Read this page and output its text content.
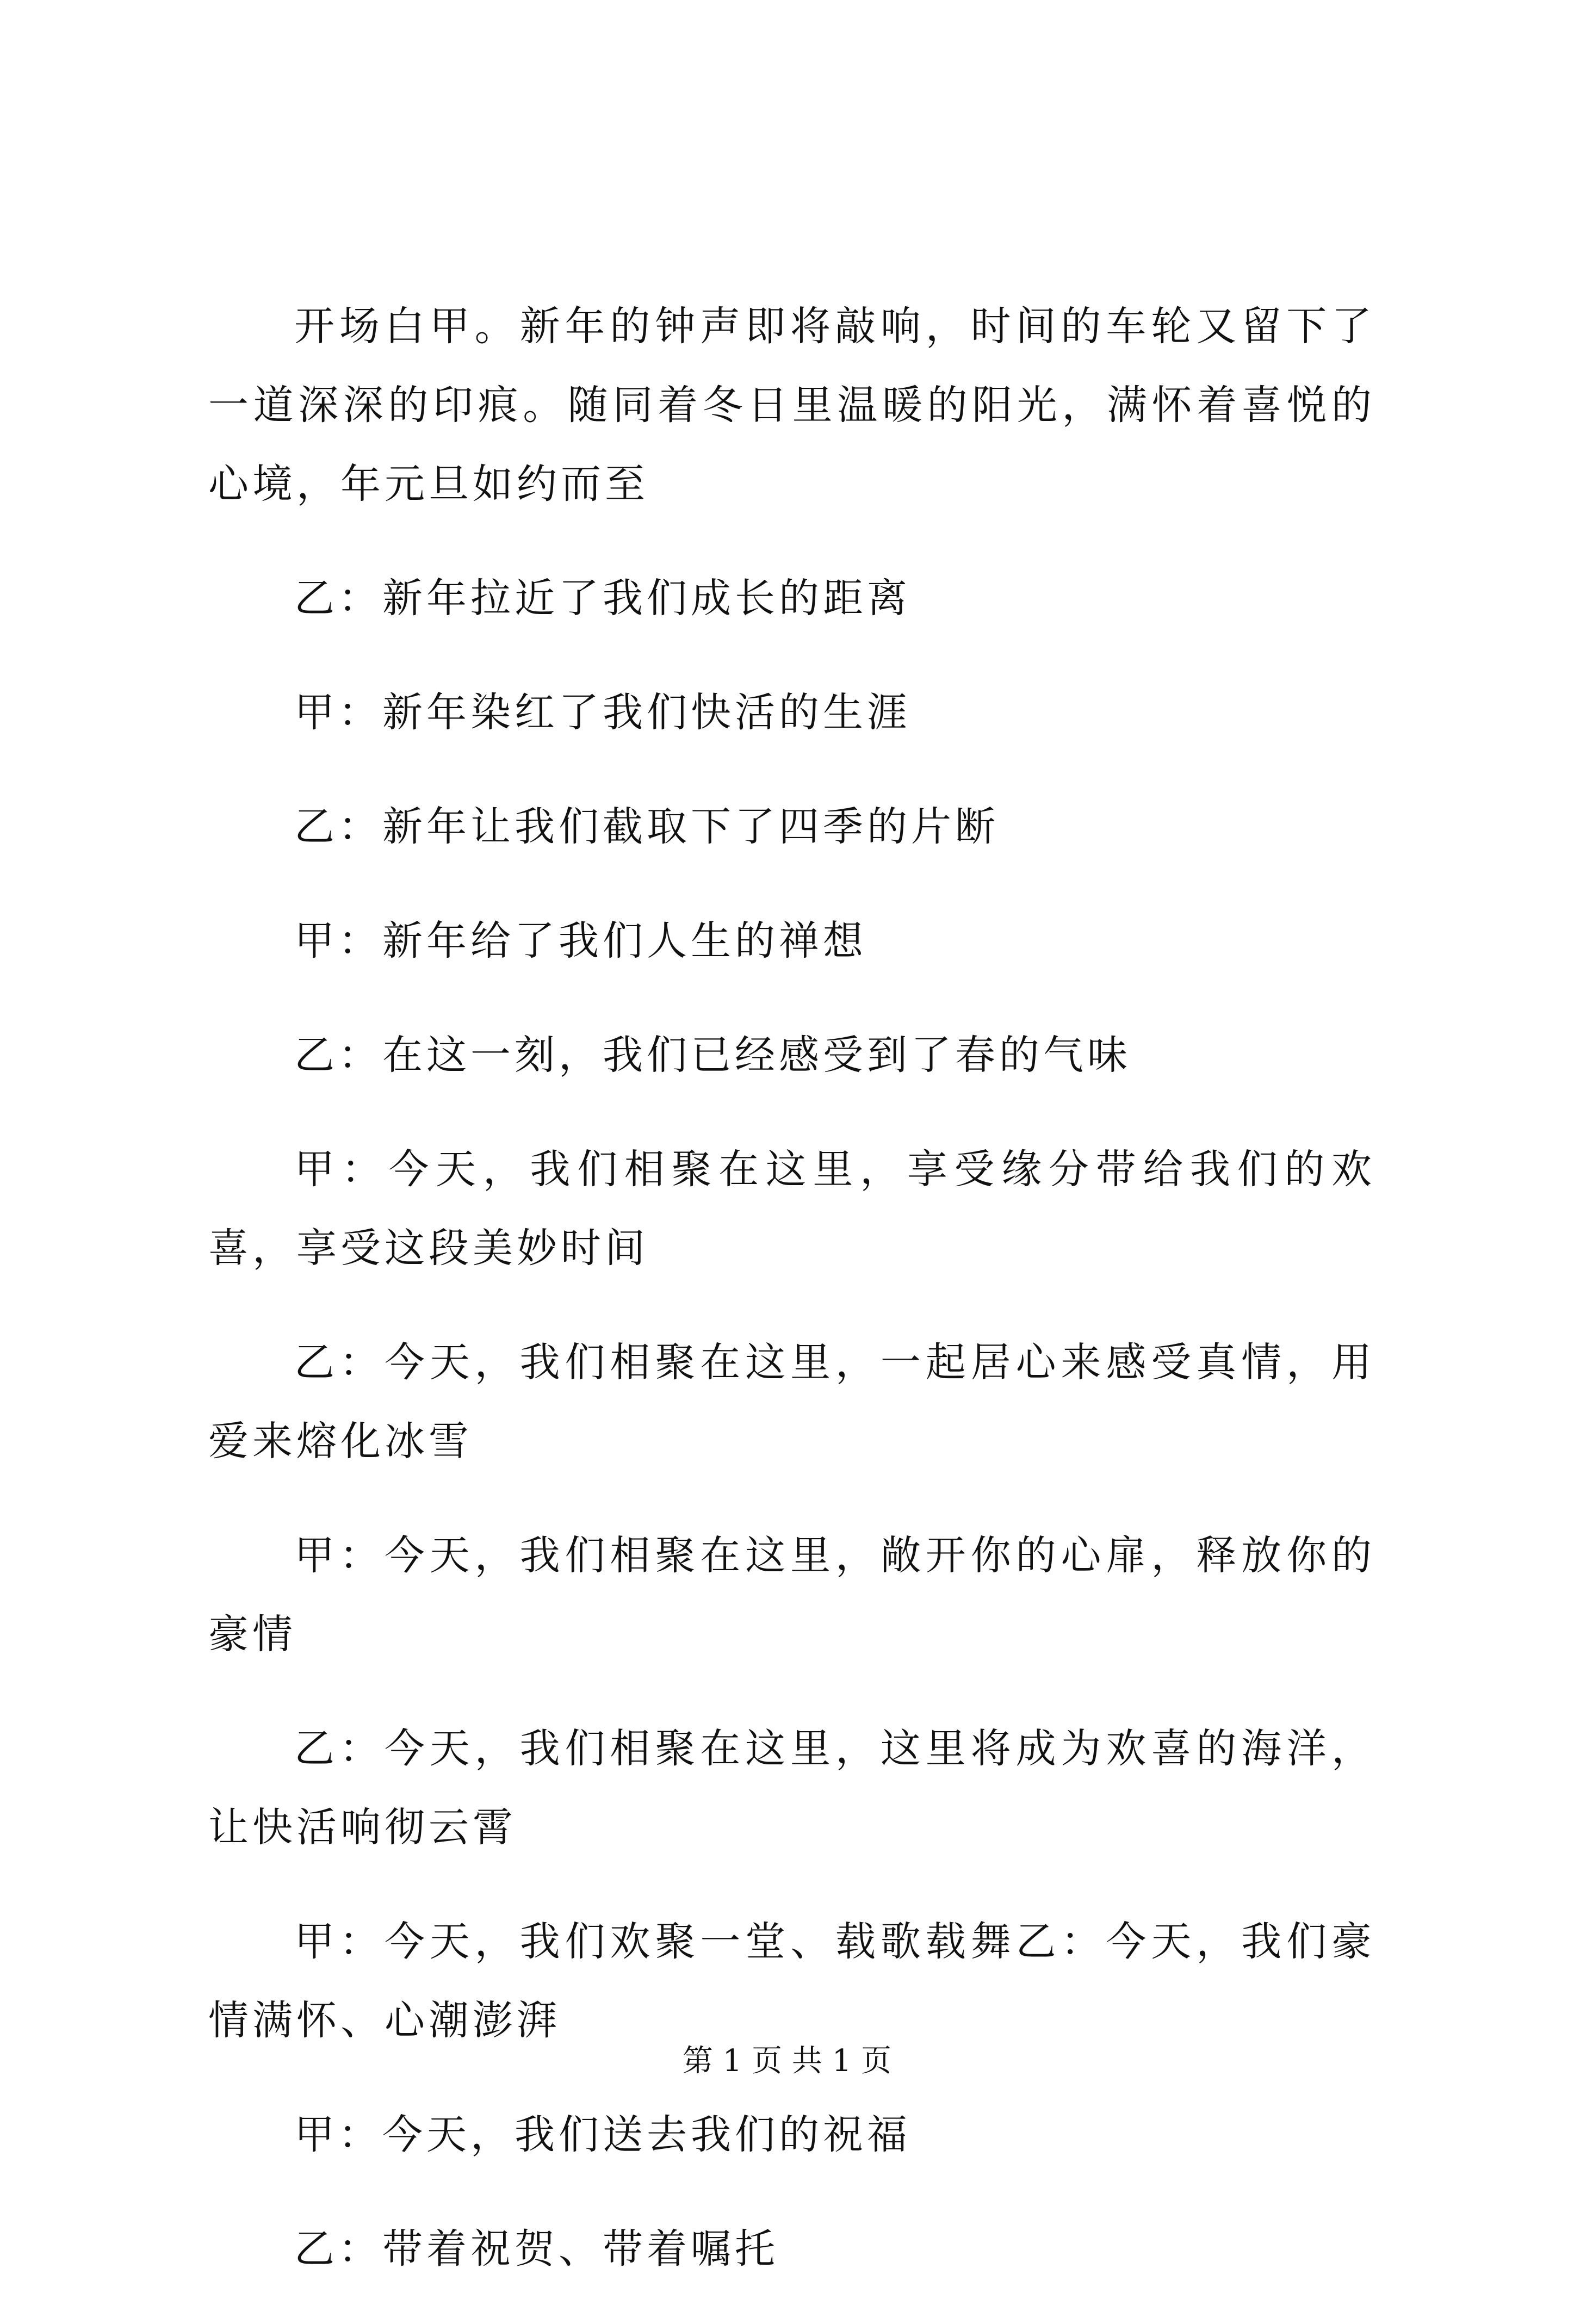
开场白甲。新年的钟声即将敲响，时间的车轮又留下了一道深深的印痕。随同着冬日里温暖的阳光，满怀着喜悦的心境，年元旦如约而至

乙：新年拉近了我们成长的距离

甲：新年染红了我们快活的生涯

乙：新年让我们截取下了四季的片断

甲：新年给了我们人生的禅想

乙：在这一刻，我们已经感受到了春的气味

甲：今天，我们相聚在这里，享受缘分带给我们的欢喜，享受这段美妙时间

乙：今天，我们相聚在这里，一起居心来感受真情，用爱来熔化冰雪

甲：今天，我们相聚在这里，敞开你的心扉，释放你的豪情

乙：今天，我们相聚在这里，这里将成为欢喜的海洋，让快活响彻云霄

甲：今天，我们欢聚一堂、载歌载舞乙：今天，我们豪情满怀、心潮澎湃

甲：今天，我们送去我们的祝福

乙：带着祝贺、带着嘱托

第 1 页 共 1 页
